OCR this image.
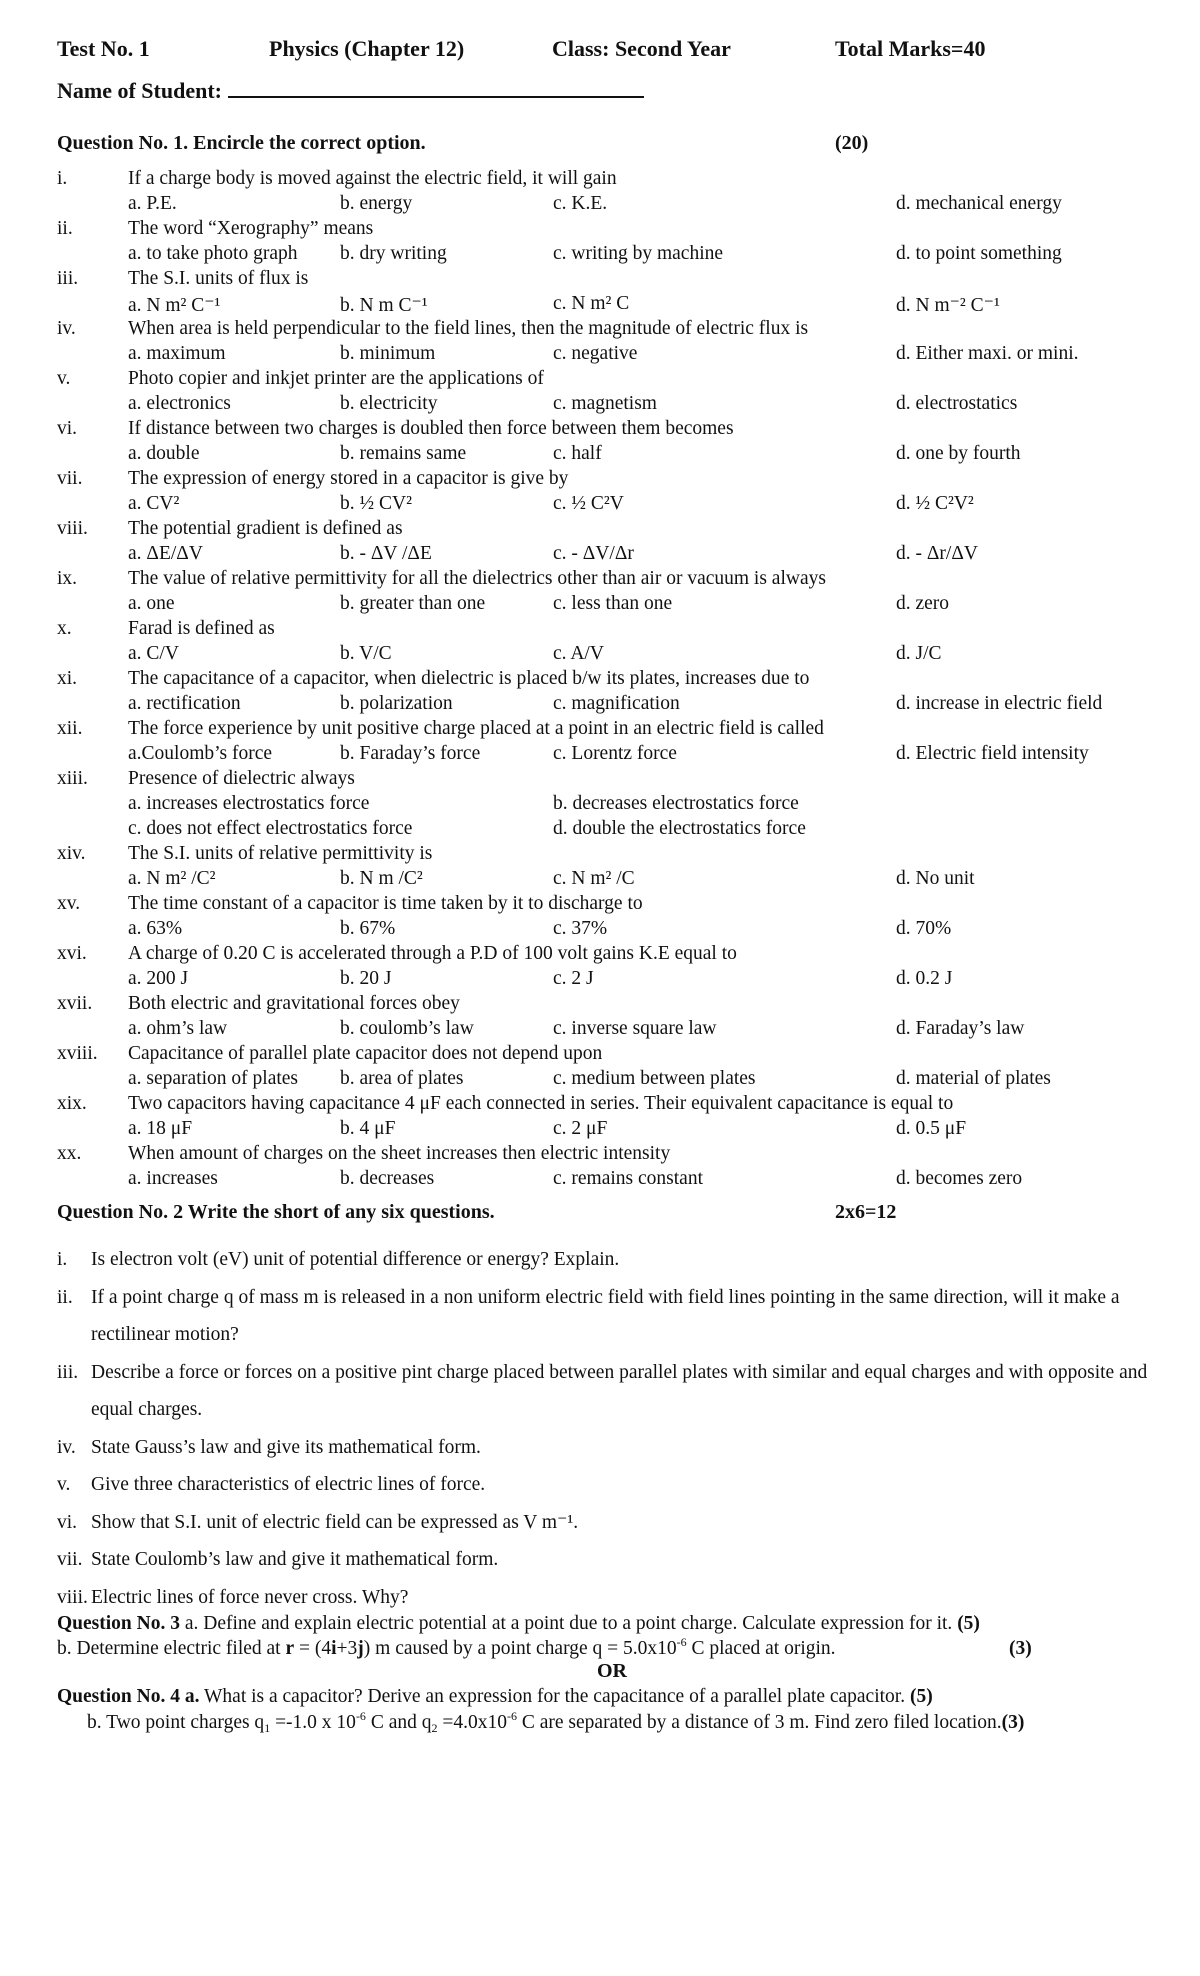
Test No. 1	Physics (Chapter 12)	Class: Second Year	Total Marks=40
Name of Student:
Question No. 1. Encircle the correct option.	(20)
i.	If a charge body is moved against the electric field, it will gain
a. P.E.	b. energy	c. K.E.	d. mechanical energy
ii.	The word “Xerography” means
a. to take photo graph b. dry writing	c. writing by machine	d. to point something
iii.	The S.I. units of flux is
a. N m² C⁻¹	b. N m C⁻¹	c. N m² C	d. N m⁻² C⁻¹
iv.	When area is held perpendicular to the field lines, then the magnitude of electric flux is
a. maximum	b. minimum	c. negative	d. Either maxi. or mini.
v.	Photo copier and inkjet printer are the applications of
a. electronics	b. electricity	c. magnetism	d. electrostatics
vi.	If distance between two charges is doubled then force between them becomes
a. double	b. remains same	c. half	d. one by fourth
vii. The expression of energy stored in a capacitor is give by
a. CV²	b. ½ CV²	c. ½ C²V	d. ½ C²V²
viii. The potential gradient is defined as
a. ΔE/ΔV	b. - ΔV /ΔE	c. - ΔV/Δr	d. - Δr/ΔV
ix.	The value of relative permittivity for all the dielectrics other than air or vacuum is always
a. one	b. greater than one	c. less than one	d. zero
x.	Farad is defined as
a. C/V	b. V/C	c. A/V	d. J/C
xi.	The capacitance of a capacitor, when dielectric is placed b/w its plates, increases due to
a. rectification	b. polarization	c. magnification	d. increase in electric field
xii. The force experience by unit positive charge placed at a point in an electric field is called
a.Coulomb’s force	b. Faraday’s force	c. Lorentz force	d. Electric field intensity
xiii. Presence of dielectric always
a. increases electrostatics force	b. decreases electrostatics force
c. does not effect electrostatics force	d. double the electrostatics force
xiv. The S.I. units of relative permittivity is
a. N m² /C²	b. N m /C²	c. N m² /C	d. No unit
xv. The time constant of a capacitor is time taken by it to discharge to
a. 63%	b. 67%	c. 37%	d. 70%
xvi. A charge of 0.20 C is accelerated through a P.D of 100 volt gains K.E equal to
a. 200 J	b. 20 J	c. 2 J	d. 0.2 J
xvii. Both electric and gravitational forces obey
a. ohm’s law	b. coulomb’s law	c. inverse square law	d. Faraday’s law
xviii. Capacitance of parallel plate capacitor does not depend upon
a. separation of plates b. area of plates	c. medium between plates	d. material of plates
xix. Two capacitors having capacitance 4 μF each connected in series. Their equivalent capacitance is equal to
a. 18 μF	b. 4 μF	c. 2 μF	d. 0.5 μF
xx. When amount of charges on the sheet increases then electric intensity
a. increases	b. decreases	c. remains constant	d. becomes zero
Question No. 2 Write the short of any six questions.	2x6=12
i. Is electron volt (eV) unit of potential difference or energy? Explain.
ii. If a point charge q of mass m is released in a non uniform electric field with field lines pointing in the same direction, will it make a rectilinear motion?
iii. Describe a force or forces on a positive pint charge placed between parallel plates with similar and equal charges and with opposite and equal charges.
iv. State Gauss’s law and give its mathematical form.
v. Give three characteristics of electric lines of force.
vi. Show that S.I. unit of electric field can be expressed as V m⁻¹.
vii. State Coulomb’s law and give it mathematical form.
viii. Electric lines of force never cross. Why?
Question No. 3 a. Define and explain electric potential at a point due to a point charge. Calculate expression for it. (5)
b. Determine electric filed at r = (4i+3j) m caused by a point charge $q = 5.0x10^{-6}$ C placed at origin.	(3)
OR
Question No. 4 a. What is a capacitor? Derive an expression for the capacitance of a parallel plate capacitor. (5)
b. Two point charges $q_1 =-1.0$ x $10^{-6}$ C and $q_2 =4.0x10^{-6}$ C are separated by a distance of 3 m. Find zero filed location.(3)
